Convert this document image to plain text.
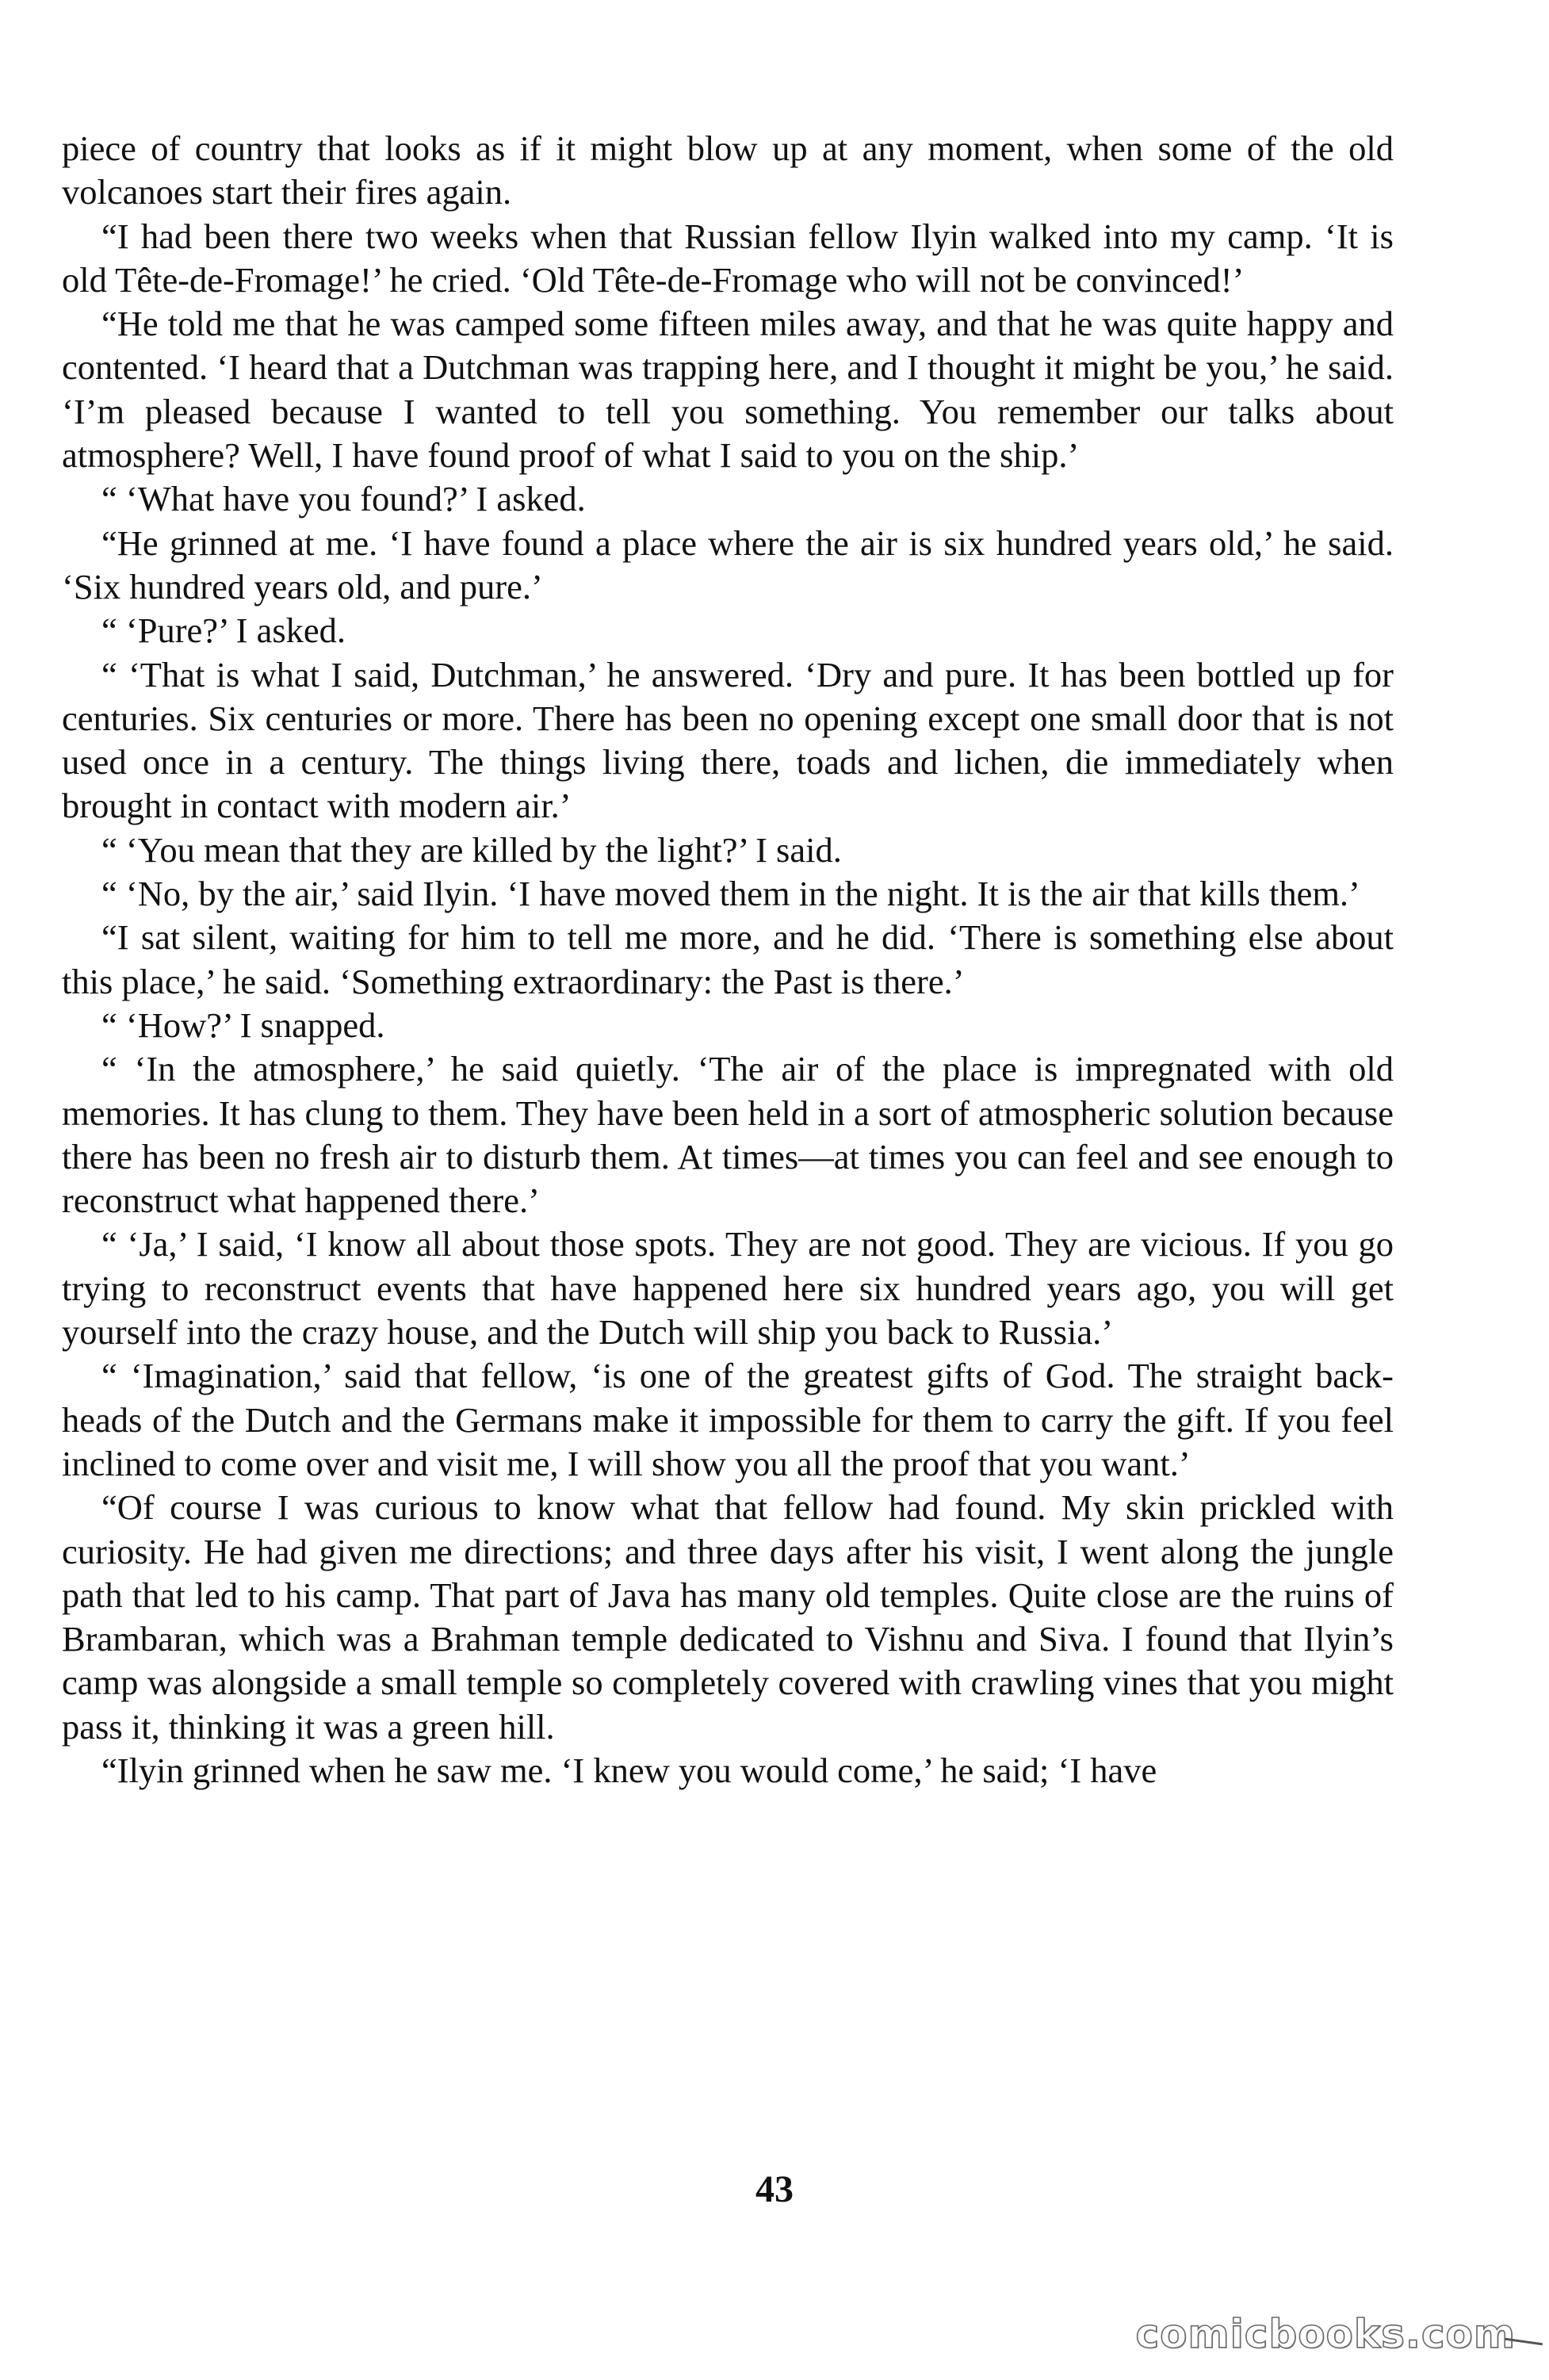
piece of country that looks as if it might blow up at any moment, when some of the old volcanoes start their fires again.

“I had been there two weeks when that Russian fellow Ilyin walked into my camp. ‘It is old Tête-de-Fromage!’ he cried. ‘Old Tête-de-Fromage who will not be convinced!’

“He told me that he was camped some fifteen miles away, and that he was quite happy and contented. ‘I heard that a Dutchman was trapping here, and I thought it might be you,’ he said. ‘I’m pleased because I wanted to tell you something. You remember our talks about atmosphere? Well, I have found proof of what I said to you on the ship.’

“ ‘What have you found?’ I asked.

“He grinned at me. ‘I have found a place where the air is six hundred years old,’ he said. ‘Six hundred years old, and pure.’

“ ‘Pure?’ I asked.

“ ‘That is what I said, Dutchman,’ he answered. ‘Dry and pure. It has been bottled up for centuries. Six centuries or more. There has been no opening except one small door that is not used once in a century. The things living there, toads and lichen, die immediately when brought in contact with modern air.’

“ ‘You mean that they are killed by the light?’ I said.

“ ‘No, by the air,’ said Ilyin. ‘I have moved them in the night. It is the air that kills them.’

“I sat silent, waiting for him to tell me more, and he did. ‘There is something else about this place,’ he said. ‘Something extraordinary: the Past is there.’

“ ‘How?’ I snapped.

“ ‘In the atmosphere,’ he said quietly. ‘The air of the place is impregnated with old memories. It has clung to them. They have been held in a sort of atmospheric solution because there has been no fresh air to disturb them. At times—at times you can feel and see enough to reconstruct what happened there.’

“ ‘Ja,’ I said, ‘I know all about those spots. They are not good. They are vicious. If you go trying to reconstruct events that have happened here six hundred years ago, you will get yourself into the crazy house, and the Dutch will ship you back to Russia.’

“ ‘Imagination,’ said that fellow, ‘is one of the greatest gifts of God. The straight back-heads of the Dutch and the Germans make it impossible for them to carry the gift. If you feel inclined to come over and visit me, I will show you all the proof that you want.’

“Of course I was curious to know what that fellow had found. My skin prickled with curiosity. He had given me directions; and three days after his visit, I went along the jungle path that led to his camp. That part of Java has many old temples. Quite close are the ruins of Brambaran, which was a Brahman temple dedicated to Vishnu and Siva. I found that Ilyin’s camp was alongside a small temple so completely covered with crawling vines that you might pass it, thinking it was a green hill.

“Ilyin grinned when he saw me. ‘I knew you would come,’ he said; ‘I have

43
comicbooks.com
